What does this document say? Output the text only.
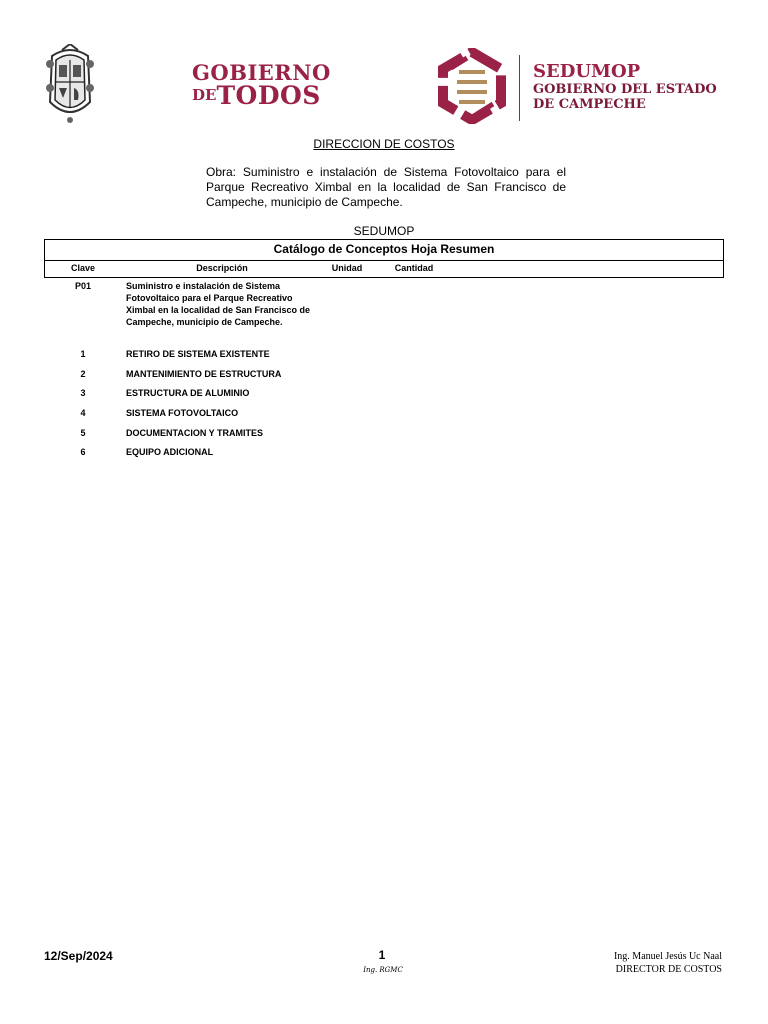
GOBIERNO
DETODOS
SEDUMOP
GOBIERNO DEL ESTADO
DE CAMPECHE
DIRECCION DE COSTOS
Obra: Suministro e instalación de Sistema Fotovoltaico para el Parque Recreativo Ximbal en la localidad de San Francisco de Campeche, municipio de Campeche.
SEDUMOP
Catálogo de Conceptos Hoja Resumen
Clave	Descripción	Unidad	Cantidad
P01	Suministro e instalación de Sistema Fotovoltaico para el Parque Recreativo Ximbal en la localidad de San Francisco de Campeche, municipio de Campeche.
1	RETIRO DE SISTEMA EXISTENTE
2	MANTENIMIENTO DE ESTRUCTURA
3	ESTRUCTURA DE ALUMINIO
4	SISTEMA FOTOVOLTAICO
5	DOCUMENTACION Y TRAMITES
6	EQUIPO ADICIONAL
12/Sep/2024	1
Ing. RGMC
Ing. Manuel Jesús Uc Naal
DIRECTOR DE COSTOS
